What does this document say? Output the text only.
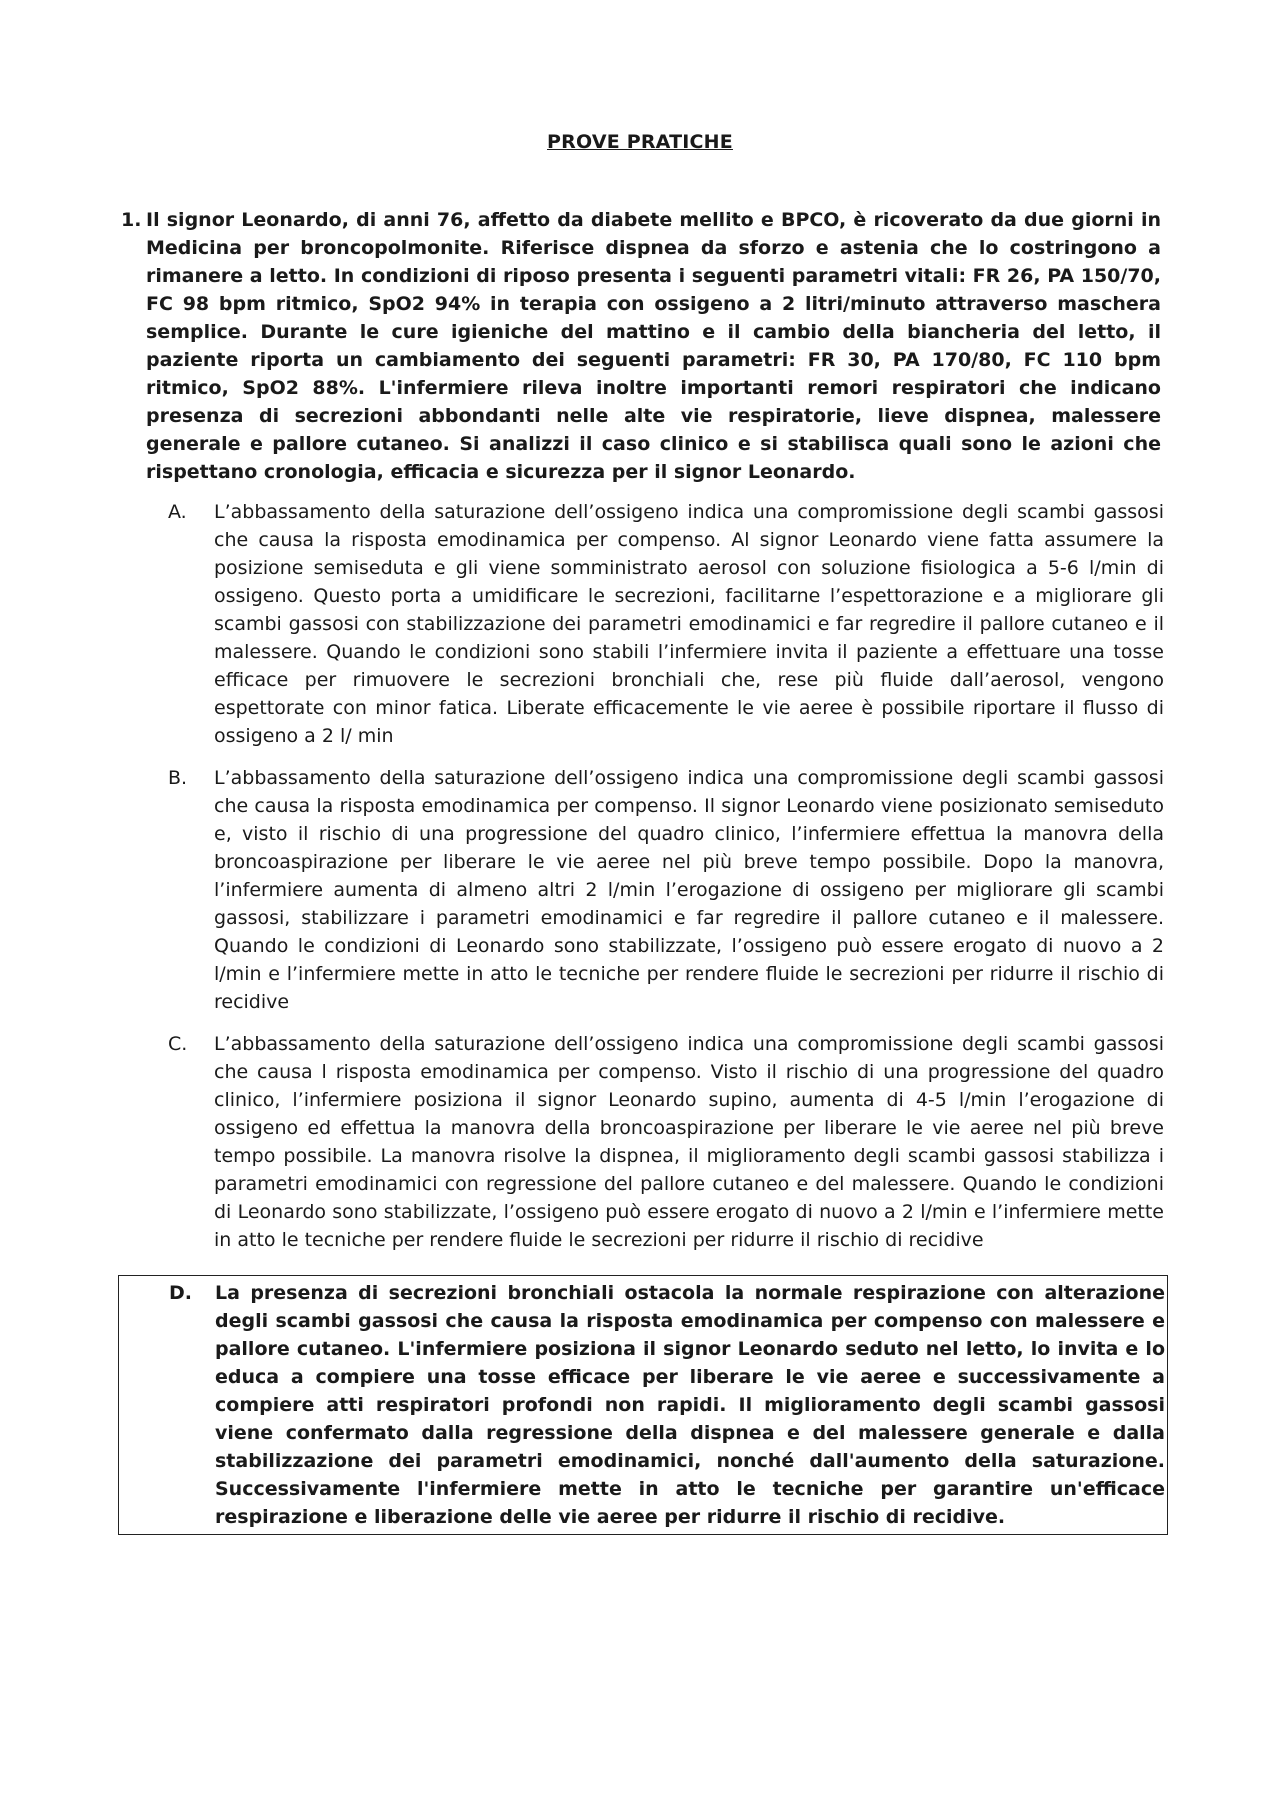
PROVE PRATICHE
1. Il signor Leonardo, di anni 76, affetto da diabete mellito e BPCO, è ricoverato da due giorni in Medicina per broncopolmonite. Riferisce dispnea da sforzo e astenia che lo costringono a rimanere a letto. In condizioni di riposo presenta i seguenti parametri vitali: FR 26, PA 150/70, FC 98 bpm ritmico, SpO2 94% in terapia con ossigeno a 2 litri/minuto attraverso maschera semplice. Durante le cure igieniche del mattino e il cambio della biancheria del letto, il paziente riporta un cambiamento dei seguenti parametri: FR 30, PA 170/80, FC 110 bpm ritmico, SpO2 88%. L'infermiere rileva inoltre importanti remori respiratori che indicano presenza di secrezioni abbondanti nelle alte vie respiratorie, lieve dispnea, malessere generale e pallore cutaneo. Si analizzi il caso clinico e si stabilisca quali sono le azioni che rispettano cronologia, efficacia e sicurezza per il signor Leonardo.
A. L’abbassamento della saturazione dell’ossigeno indica una compromissione degli scambi gassosi che causa la risposta emodinamica per compenso. Al signor Leonardo viene fatta assumere la posizione semiseduta e gli viene somministrato aerosol con soluzione fisiologica a 5-6 l/min di ossigeno. Questo porta a umidificare le secrezioni, facilitarne l’espettorazione e a migliorare gli scambi gassosi con stabilizzazione dei parametri emodinamici e far regredire il pallore cutaneo e il malessere. Quando le condizioni sono stabili l’infermiere invita il paziente a effettuare una tosse efficace per rimuovere le secrezioni bronchiali che, rese più fluide dall’aerosol, vengono espettorate con minor fatica. Liberate efficacemente le vie aeree è possibile riportare il flusso di ossigeno a 2 l/ min
B. L’abbassamento della saturazione dell’ossigeno indica una compromissione degli scambi gassosi che causa la risposta emodinamica per compenso. Il signor Leonardo viene posizionato semiseduto e, visto il rischio di una progressione del quadro clinico, l’infermiere effettua la manovra della broncoaspirazione per liberare le vie aeree nel più breve tempo possibile. Dopo la manovra, l’infermiere aumenta di almeno altri 2 l/min l’erogazione di ossigeno per migliorare gli scambi gassosi, stabilizzare i parametri emodinamici e far regredire il pallore cutaneo e il malessere. Quando le condizioni di Leonardo sono stabilizzate, l’ossigeno può essere erogato di nuovo a 2 l/min e l’infermiere mette in atto le tecniche per rendere fluide le secrezioni per ridurre il rischio di recidive
C. L’abbassamento della saturazione dell’ossigeno indica una compromissione degli scambi gassosi che causa l risposta emodinamica per compenso. Visto il rischio di una progressione del quadro clinico, l’infermiere posiziona il signor Leonardo supino, aumenta di 4-5 l/min l’erogazione di ossigeno ed effettua la manovra della broncoaspirazione per liberare le vie aeree nel più breve tempo possibile. La manovra risolve la dispnea, il miglioramento degli scambi gassosi stabilizza i parametri emodinamici con regressione del pallore cutaneo e del malessere. Quando le condizioni di Leonardo sono stabilizzate, l’ossigeno può essere erogato di nuovo a 2 l/min e l’infermiere mette in atto le tecniche per rendere fluide le secrezioni per ridurre il rischio di recidive
D. La presenza di secrezioni bronchiali ostacola la normale respirazione con alterazione degli scambi gassosi che causa la risposta emodinamica per compenso con malessere e pallore cutaneo. L'infermiere posiziona il signor Leonardo seduto nel letto, lo invita e lo educa a compiere una tosse efficace per liberare le vie aeree e successivamente a compiere atti respiratori profondi non rapidi. Il miglioramento degli scambi gassosi viene confermato dalla regressione della dispnea e del malessere generale e dalla stabilizzazione dei parametri emodinamici, nonché dall'aumento della saturazione. Successivamente l'infermiere mette in atto le tecniche per garantire un'efficace respirazione e liberazione delle vie aeree per ridurre il rischio di recidive.
